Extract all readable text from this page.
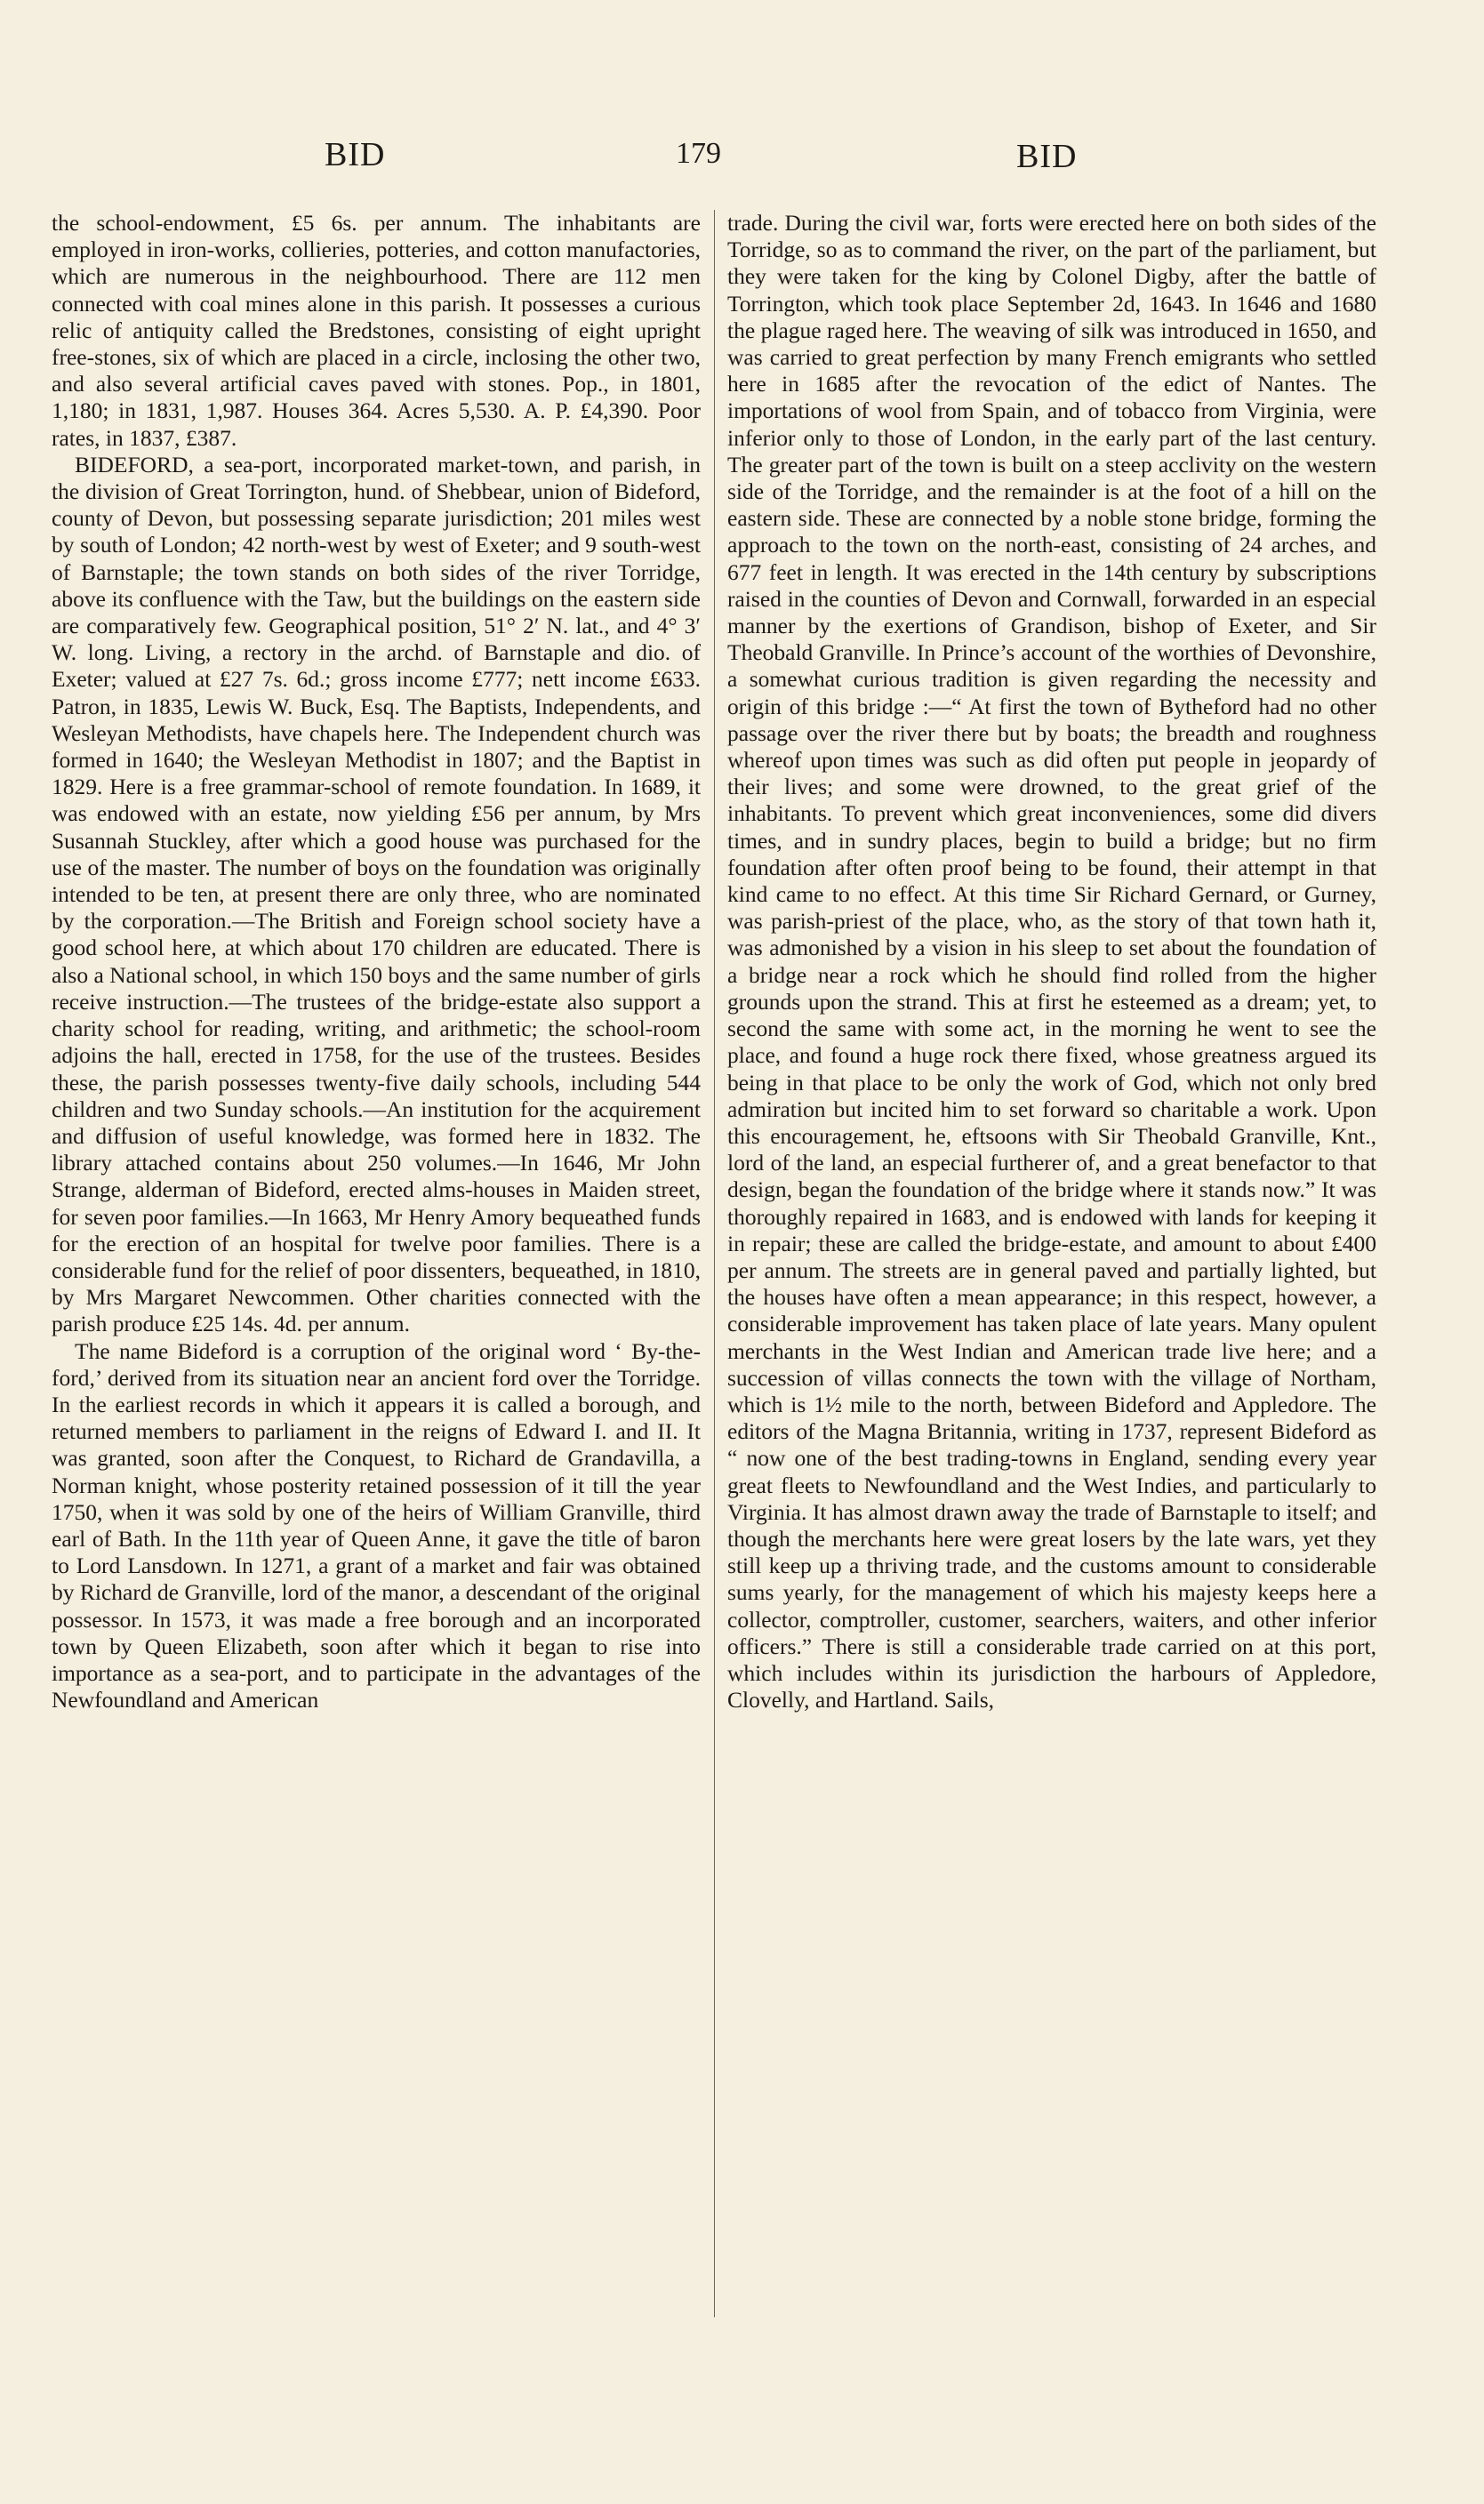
BID	179	BID

the school-endowment, £5 6s. per annum. The inhabitants are employed in iron-works, collieries, potteries, and cotton manufactories, which are numerous in the neighbourhood. There are 112 men connected with coal mines alone in this parish. It possesses a curious relic of antiquity called the Bredstones, consisting of eight upright free-stones, six of which are placed in a circle, inclosing the other two, and also several artificial caves paved with stones. Pop., in 1801, 1,180; in 1831, 1,987. Houses 364. Acres 5,530. A. P. £4,390. Poor rates, in 1837, £387.

BIDEFORD, a sea-port, incorporated market-town, and parish, in the division of Great Torrington, hund. of Shebbear, union of Bideford, county of Devon, but possessing separate jurisdiction; 201 miles west by south of London; 42 north-west by west of Exeter; and 9 south-west of Barnstaple; the town stands on both sides of the river Torridge, above its confluence with the Taw, but the buildings on the eastern side are comparatively few. Geographical position, 51° 2′ N. lat., and 4° 3′ W. long. Living, a rectory in the archd. of Barnstaple and dio. of Exeter; valued at £27 7s. 6d.; gross income £777; nett income £633. Patron, in 1835, Lewis W. Buck, Esq. The Baptists, Independents, and Wesleyan Methodists, have chapels here. The Independent church was formed in 1640; the Wesleyan Methodist in 1807; and the Baptist in 1829. Here is a free grammar-school of remote foundation. In 1689, it was endowed with an estate, now yielding £56 per annum, by Mrs Susannah Stuckley, after which a good house was purchased for the use of the master. The number of boys on the foundation was originally intended to be ten, at present there are only three, who are nominated by the corporation.—The British and Foreign school society have a good school here, at which about 170 children are educated. There is also a National school, in which 150 boys and the same number of girls receive instruction.—The trustees of the bridge-estate also support a charity school for reading, writing, and arithmetic; the school-room adjoins the hall, erected in 1758, for the use of the trustees. Besides these, the parish possesses twenty-five daily schools, including 544 children and two Sunday schools.—An institution for the acquirement and diffusion of useful knowledge, was formed here in 1832. The library attached contains about 250 volumes.—In 1646, Mr John Strange, alderman of Bideford, erected alms-houses in Maiden street, for seven poor families.—In 1663, Mr Henry Amory bequeathed funds for the erection of an hospital for twelve poor families. There is a considerable fund for the relief of poor dissenters, bequeathed, in 1810, by Mrs Margaret Newcommen. Other charities connected with the parish produce £25 14s. 4d. per annum.

The name Bideford is a corruption of the original word ‘ By-the-ford,’ derived from its situation near an ancient ford over the Torridge. In the earliest records in which it appears it is called a borough, and returned members to parliament in the reigns of Edward I. and II. It was granted, soon after the Conquest, to Richard de Grandavilla, a Norman knight, whose posterity retained possession of it till the year 1750, when it was sold by one of the heirs of William Granville, third earl of Bath. In the 11th year of Queen Anne, it gave the title of baron to Lord Lansdown. In 1271, a grant of a market and fair was obtained by Richard de Granville, lord of the manor, a descendant of the original possessor. In 1573, it was made a free borough and an incorporated town by Queen Elizabeth, soon after which it began to rise into importance as a sea-port, and to participate in the advantages of the Newfoundland and American

trade. During the civil war, forts were erected here on both sides of the Torridge, so as to command the river, on the part of the parliament, but they were taken for the king by Colonel Digby, after the battle of Torrington, which took place September 2d, 1643. In 1646 and 1680 the plague raged here. The weaving of silk was introduced in 1650, and was carried to great perfection by many French emigrants who settled here in 1685 after the revocation of the edict of Nantes. The importations of wool from Spain, and of tobacco from Virginia, were inferior only to those of London, in the early part of the last century. The greater part of the town is built on a steep acclivity on the western side of the Torridge, and the remainder is at the foot of a hill on the eastern side. These are connected by a noble stone bridge, forming the approach to the town on the north-east, consisting of 24 arches, and 677 feet in length. It was erected in the 14th century by subscriptions raised in the counties of Devon and Cornwall, forwarded in an especial manner by the exertions of Grandison, bishop of Exeter, and Sir Theobald Granville. In Prince’s account of the worthies of Devonshire, a somewhat curious tradition is given regarding the necessity and origin of this bridge :—“ At first the town of Bytheford had no other passage over the river there but by boats; the breadth and roughness whereof upon times was such as did often put people in jeopardy of their lives; and some were drowned, to the great grief of the inhabitants. To prevent which great inconveniences, some did divers times, and in sundry places, begin to build a bridge; but no firm foundation after often proof being to be found, their attempt in that kind came to no effect. At this time Sir Richard Gernard, or Gurney, was parish-priest of the place, who, as the story of that town hath it, was admonished by a vision in his sleep to set about the foundation of a bridge near a rock which he should find rolled from the higher grounds upon the strand. This at first he esteemed as a dream; yet, to second the same with some act, in the morning he went to see the place, and found a huge rock there fixed, whose greatness argued its being in that place to be only the work of God, which not only bred admiration but incited him to set forward so charitable a work. Upon this encouragement, he, eftsoons with Sir Theobald Granville, Knt., lord of the land, an especial furtherer of, and a great benefactor to that design, began the foundation of the bridge where it stands now.” It was thoroughly repaired in 1683, and is endowed with lands for keeping it in repair; these are called the bridge-estate, and amount to about £400 per annum. The streets are in general paved and partially lighted, but the houses have often a mean appearance; in this respect, however, a considerable improvement has taken place of late years. Many opulent merchants in the West Indian and American trade live here; and a succession of villas connects the town with the village of Northam, which is 1½ mile to the north, between Bideford and Appledore. The editors of the Magna Britannia, writing in 1737, represent Bideford as “ now one of the best trading-towns in England, sending every year great fleets to Newfoundland and the West Indies, and particularly to Virginia. It has almost drawn away the trade of Barnstaple to itself; and though the merchants here were great losers by the late wars, yet they still keep up a thriving trade, and the customs amount to considerable sums yearly, for the management of which his majesty keeps here a collector, comptroller, customer, searchers, waiters, and other inferior officers.” There is still a considerable trade carried on at this port, which includes within its jurisdiction the harbours of Appledore, Clovelly, and Hartland. Sails,
